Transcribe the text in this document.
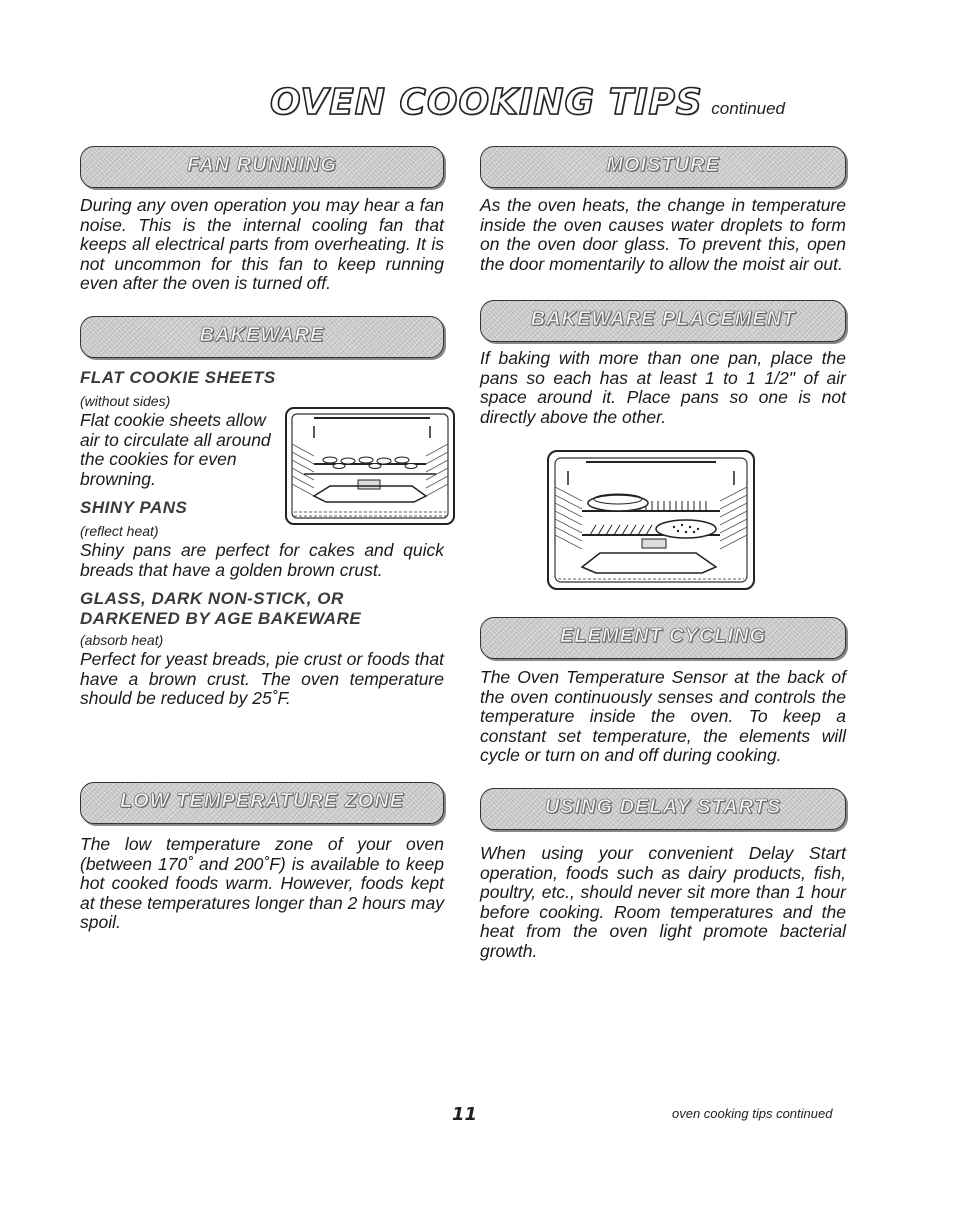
OVEN COOKING TIPS continued
FAN RUNNING

During any oven operation you may hear a fan noise. This is the internal cooling fan that keeps all electrical parts from overheating. It is not uncommon for this fan to keep running even after the oven is turned off.

BAKEWARE

FLAT COOKIE SHEETS

(without sides)

Flat cookie sheets allow air to circulate all around the cookies for even browning.

SHINY PANS

(reflect heat)

Shiny pans are perfect for cakes and quick breads that have a golden brown crust.

GLASS, DARK NON-STICK, OR

DARKENED BY AGE BAKEWARE

(absorb heat)

Perfect for yeast breads, pie crust or foods that have a brown crust. The oven temperature should be reduced by 25˚F.

LOW TEMPERATURE ZONE

The low temperature zone of your oven (between 170˚ and 200˚F) is available to keep hot cooked foods warm. However, foods kept at these temperatures longer than 2 hours may spoil.

MOISTURE

As the oven heats, the change in temperature inside the oven causes water droplets to form on the oven door glass. To prevent this, open the door momentarily to allow the moist air out.

BAKEWARE PLACEMENT

If baking with more than one pan, place the pans so each has at least 1 to 1 1/2" of air space around it. Place pans so one is not directly above the other.

ELEMENT CYCLING

The Oven Temperature Sensor at the back of the oven continuously senses and controls the temperature inside the oven. To keep a constant set temperature, the elements will cycle or turn on and off during cooking.

USING DELAY STARTS

When using your convenient Delay Start operation, foods such as dairy products, fish, poultry, etc., should never sit more than 1 hour before cooking. Room temperatures and the heat from the oven light promote bacterial growth.

11	oven cooking tips continued
